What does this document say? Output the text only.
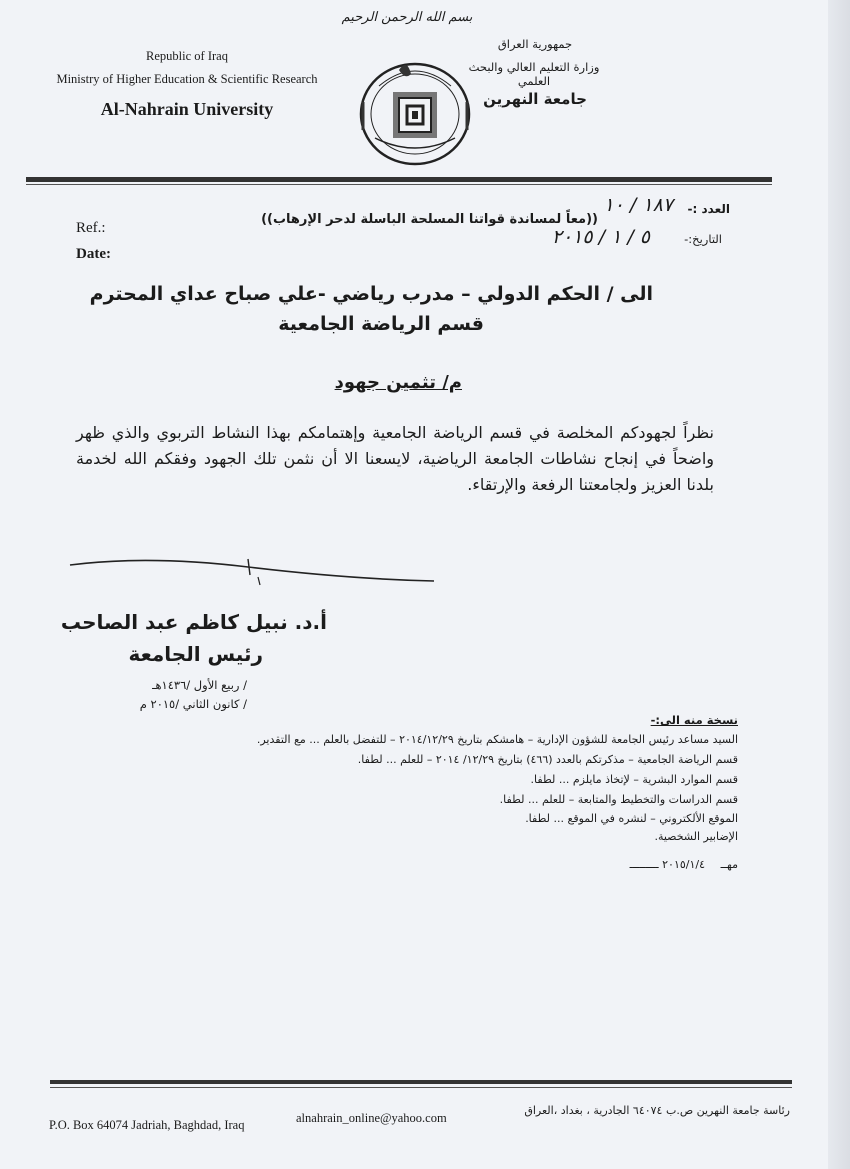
بسم الله الرحمن الرحيم
Republic of Iraq
Ministry of Higher Education & Scientific Research
Al-Nahrain University
جمهورية العراق
وزارة التعليم العالي والبحث العلمي
جامعة النهرين
Ref.:
Date:
العدد :-
١٨٧ / ١٠
((معاً لمساندة قواتنا المسلحة الباسلة لدحر الإرهاب))
التاريخ:-
٥ / ١ / ٢٠١٥
الى / الحكم الدولي – مدرب رياضي -علي صباح عداي المحترم
قسم الرياضة الجامعية
م/ تثمين جهود
نظراً لجهودكم المخلصة في قسم الرياضة الجامعية وإهتمامكم بهذا النشاط التربوي والذي ظهر واضحاً في إنجاح نشاطات الجامعة الرياضية، لايسعنا الا أن نثمن تلك الجهود وفقكم الله لخدمة بلدنا العزيز ولجامعتنا الرفعة والإرتقاء.
أ.د. نبيل كاظم عبد الصاحب
رئيس الجامعة
/ ربيع الأول /١٤٣٦هـ
/ كانون الثاني /٢٠١٥ م
نسخة منه الى:-
السيد مساعد رئيس الجامعة للشؤون الإدارية – هامشكم بتاريخ ٢٠١٤/١٢/٢٩ – للتفضل بالعلم ... مع التقدير.
قسم الرياضة الجامعية – مذكرتكم بالعدد (٤٦٦) بتاريخ ١٢/٢٩/ ٢٠١٤ – للعلم ... لطفا.
قسم الموارد البشرية – لإتخاذ مايلزم ... لطفا.
قسم الدراسات والتخطيط والمتابعة – للعلم ... لطفا.
الموقع الألكتروني – لنشره في الموقع ... لطفا.
الإضابير الشخصية.
مهــ
٢٠١٥/١/٤ ـــــــــ
P.O. Box 64074 Jadriah, Baghdad, Iraq	alnahrain_online@yahoo.com
رئاسة جامعة النهرين ص.ب ٦٤٠٧٤ الجادرية ، بغداد ،العراق
